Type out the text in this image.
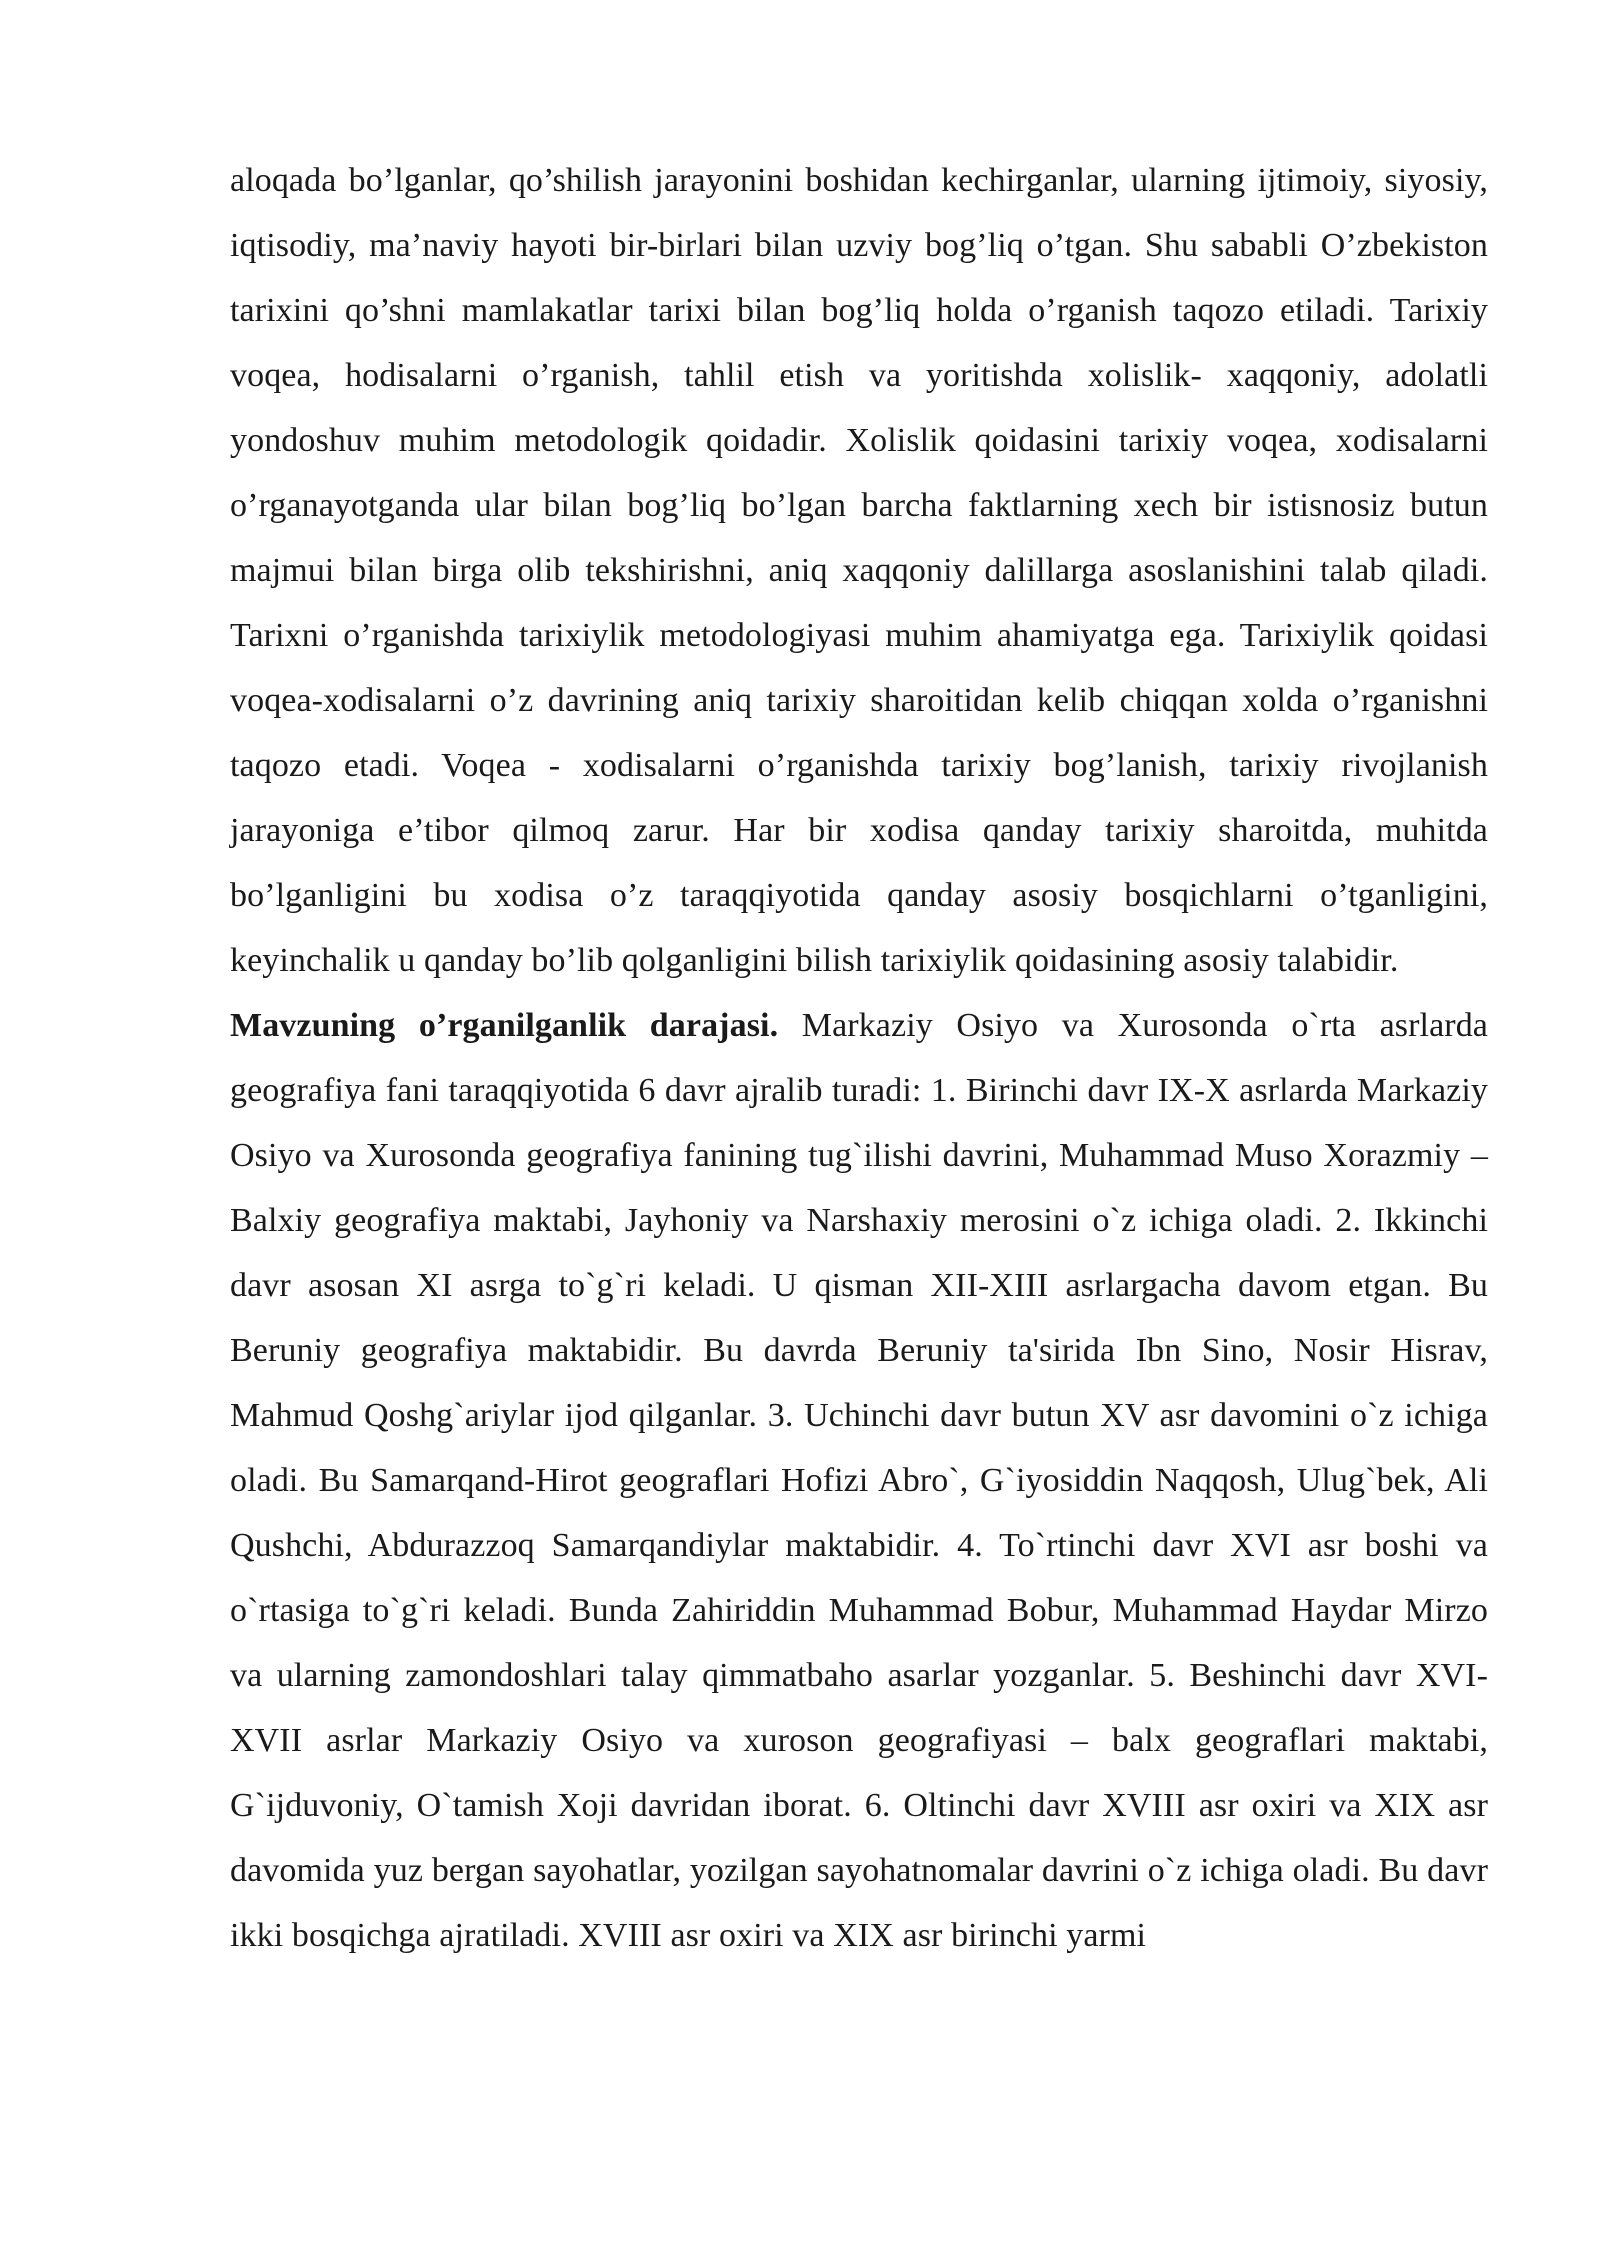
aloqada bo’lganlar, qo’shilish jarayonini boshidan kechirganlar, ularning ijtimoiy, siyosiy, iqtisodiy, ma’naviy hayoti bir-birlari bilan uzviy bog’liq o’tgan. Shu sababli O’zbekiston tarixini qo’shni mamlakatlar tarixi bilan bog’liq holda o’rganish taqozo etiladi. Tarixiy voqea, hodisalarni o’rganish, tahlil etish va yoritishda xolislik- xaqqoniy, adolatli yondoshuv muhim metodologik qoidadir. Xolislik qoidasini tarixiy voqea, xodisalarni o’rganayotganda ular bilan bog’liq bo’lgan barcha faktlarning xech bir istisnosiz butun majmui bilan birga olib tekshirishni, aniq xaqqoniy dalillarga asoslanishini talab qiladi. Tarixni o’rganishda tarixiylik metodologiyasi muhim ahamiyatga ega. Tarixiylik qoidasi voqea-xodisalarni o’z davrining aniq tarixiy sharoitidan kelib chiqqan xolda o’rganishni taqozo etadi. Voqea - xodisalarni o’rganishda tarixiy bog’lanish, tarixiy rivojlanish jarayoniga e’tibor qilmoq zarur. Har bir xodisa qanday tarixiy sharoitda, muhitda bo’lganligini bu xodisa o’z taraqqiyotida qanday asosiy bosqichlarni o’tganligini, keyinchalik u qanday bo’lib qolganligini bilish tarixiylik qoidasining asosiy talabidir.

Mavzuning o’rganilganlik darajasi. Markaziy Osiyo va Xurosonda o`rta asrlarda geografiya fani taraqqiyotida 6 davr ajralib turadi: 1. Birinchi davr IX-X asrlarda Markaziy Osiyo va Xurosonda geografiya fanining tug`ilishi davrini, Muhammad Muso Xorazmiy – Balxiy geografiya maktabi, Jayhoniy va Narshaxiy merosini o`z ichiga oladi. 2. Ikkinchi davr asosan XI asrga to`g`ri keladi. U qisman XII-XIII asrlargacha davom etgan. Bu Beruniy geografiya maktabidir. Bu davrda Beruniy ta'sirida Ibn Sino, Nosir Hisrav, Mahmud Qoshg`ariylar ijod qilganlar. 3. Uchinchi davr butun XV asr davomini o`z ichiga oladi. Bu Samarqand-Hirot geograflari Hofizi Abro`, G`iyosiddin Naqqosh, Ulug`bek, Ali Qushchi, Abdurazzoq Samarqandiylar maktabidir. 4. To`rtinchi davr XVI asr boshi va o`rtasiga to`g`ri keladi. Bunda Zahiriddin Muhammad Bobur, Muhammad Haydar Mirzo va ularning zamondoshlari talay qimmatbaho asarlar yozganlar. 5. Beshinchi davr XVI-XVII asrlar Markaziy Osiyo va xuroson geografiyasi – balx geograflari maktabi, G`ijduvoniy, O`tamish Xoji davridan iborat. 6. Oltinchi davr XVIII asr oxiri va XIX asr davomida yuz bergan sayohatlar, yozilgan sayohatnomalar davrini o`z ichiga oladi. Bu davr ikki bosqichga ajratiladi. XVIII asr oxiri va XIX asr birinchi yarmi
